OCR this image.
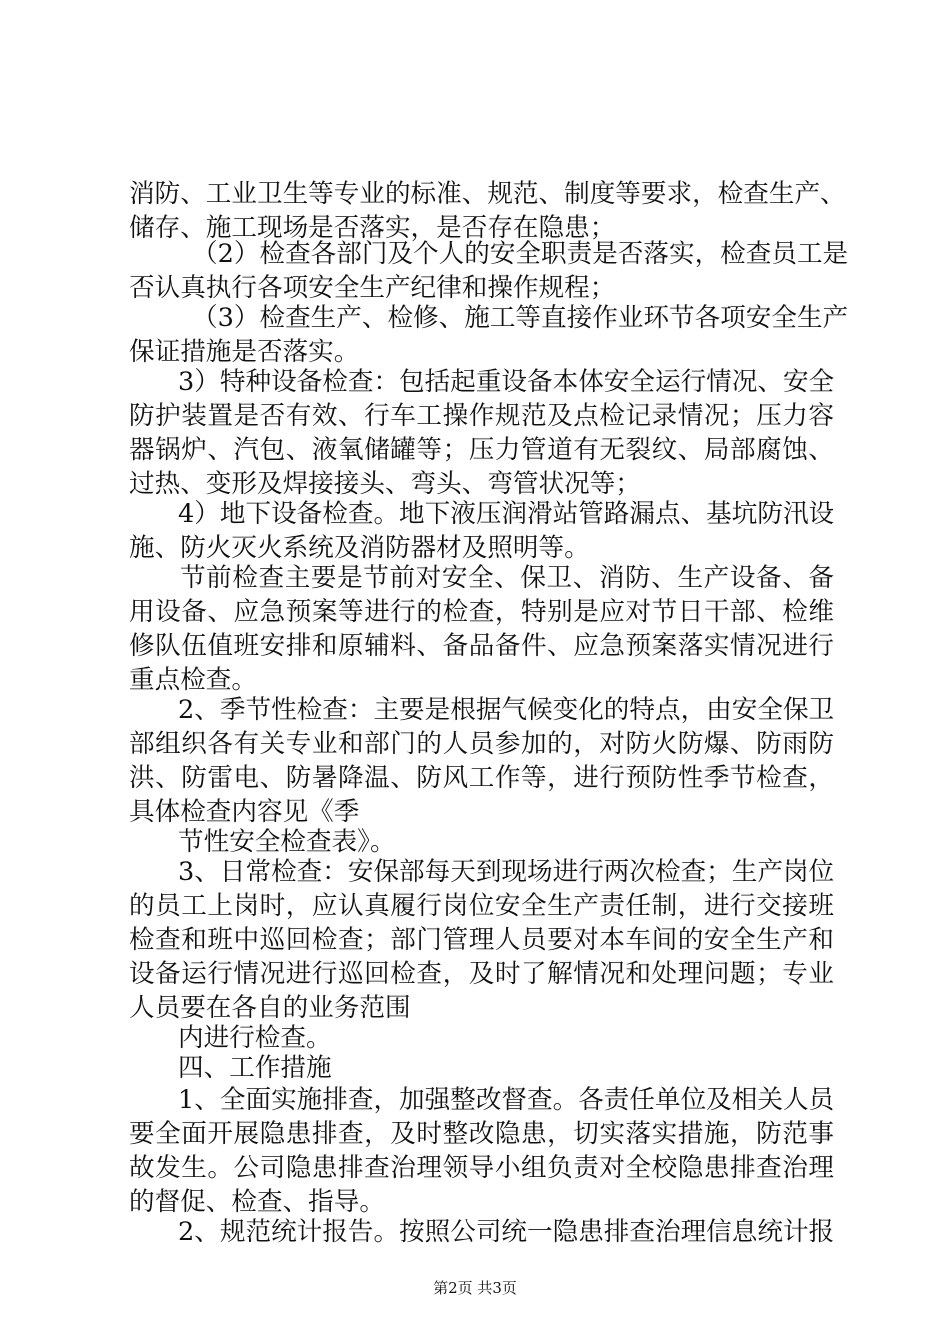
消防、工业卫生等专业的标准、规范、制度等要求，检查生产、
储存、施工现场是否落实，是否存在隐患；
（2）检查各部门及个人的安全职责是否落实，检查员工是
否认真执行各项安全生产纪律和操作规程；
（3）检查生产、检修、施工等直接作业环节各项安全生产
保证措施是否落实。
3）特种设备检查：包括起重设备本体安全运行情况、安全
防护装置是否有效、行车工操作规范及点检记录情况；压力容
器锅炉、汽包、液氧储罐等；压力管道有无裂纹、局部腐蚀、
过热、变形及焊接接头、弯头、弯管状况等；
4）地下设备检查。地下液压润滑站管路漏点、基坑防汛设
施、防火灭火系统及消防器材及照明等。
节前检查主要是节前对安全、保卫、消防、生产设备、备
用设备、应急预案等进行的检查，特别是应对节日干部、检维
修队伍值班安排和原辅料、备品备件、应急预案落实情况进行
重点检查。
2、季节性检查：主要是根据气候变化的特点，由安全保卫
部组织各有关专业和部门的人员参加的，对防火防爆、防雨防
洪、防雷电、防暑降温、防风工作等，进行预防性季节检查，
具体检查内容见《季
节性安全检查表》。
3、日常检查：安保部每天到现场进行两次检查；生产岗位
的员工上岗时，应认真履行岗位安全生产责任制，进行交接班
检查和班中巡回检查；部门管理人员要对本车间的安全生产和
设备运行情况进行巡回检查，及时了解情况和处理问题；专业
人员要在各自的业务范围
内进行检查。
四、工作措施
1、全面实施排查，加强整改督查。各责任单位及相关人员
要全面开展隐患排查，及时整改隐患，切实落实措施，防范事
故发生。公司隐患排查治理领导小组负责对全校隐患排查治理
的督促、检查、指导。
2、规范统计报告。按照公司统一隐患排查治理信息统计报
第2页 共3页
